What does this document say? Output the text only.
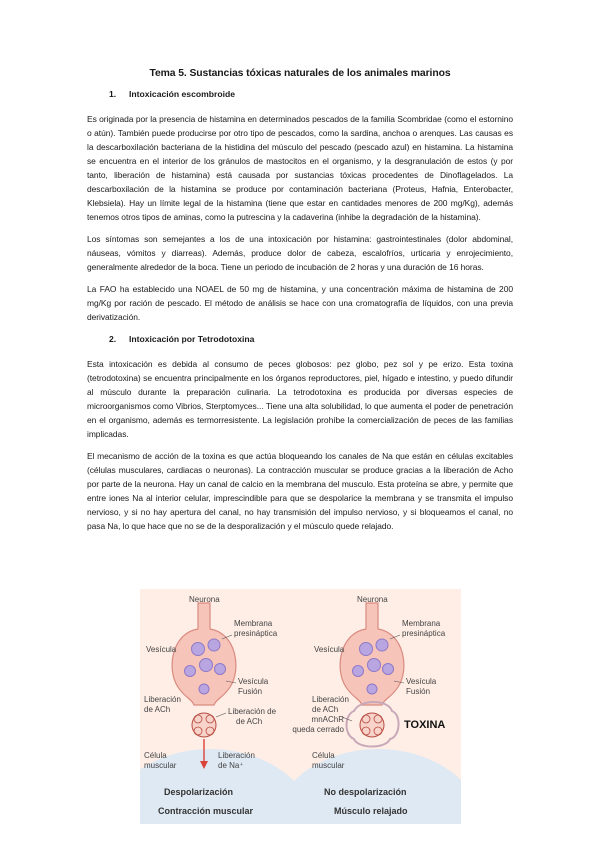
Tema 5. Sustancias tóxicas naturales de los animales marinos
1. Intoxicación escombroide

Es originada por la presencia de histamina en determinados pescados de la familia Scombridae (como el estornino o atún). También puede producirse por otro tipo de pescados, como la sardina, anchoa o arenques. Las causas es la descarboxilación bacteriana de la histidina del músculo del pescado (pescado azul) en histamina. La histamina se encuentra en el interior de los gránulos de mastocitos en el organismo, y la desgranulación de estos (y por tanto, liberación de histamina) está causada por sustancias tóxicas procedentes de Dinoflagelados. La descarboxilación de la histamina se produce por contaminación bacteriana (Proteus, Hafnia, Enterobacter, Klebsiela). Hay un límite legal de la histamina (tiene que estar en cantidades menores de 200 mg/Kg), además tenemos otros tipos de aminas, como la putrescina y la cadaverina (inhibe la degradación de la histamina).

Los síntomas son semejantes a los de una intoxicación por histamina: gastrointestinales (dolor abdominal, náuseas, vómitos y diarreas). Además, produce dolor de cabeza, escalofríos, urticaria y enrojecimiento, generalmente alrededor de la boca. Tiene un periodo de incubación de 2 horas y una duración de 16 horas.

La FAO ha establecido una NOAEL de 50 mg de histamina, y una concentración máxima de histamina de 200 mg/Kg por ración de pescado. El método de análisis se hace con una cromatografía de líquidos, con una previa derivatización.

2. Intoxicación por Tetrodotoxina

Esta intoxicación es debida al consumo de peces globosos: pez globo, pez sol y pe erizo. Esta toxina (tetrodotoxina) se encuentra principalmente en los órganos reproductores, piel, hígado e intestino, y puedo difundir al músculo durante la preparación culinaria. La tetrodotoxina es producida por diversas especies de microorganismos como Vibrios, Sterptomyces... Tiene una alta solubilidad, lo que aumenta el poder de penetración en el organismo, además es termorresistente. La legislación prohíbe la comercialización de peces de las familias implicadas.

El mecanismo de acción de la toxina es que actúa bloqueando los canales de Na que están en células excitables (células musculares, cardiacas o neuronas). La contracción muscular se produce gracias a la liberación de Acho por parte de la neurona. Hay un canal de calcio en la membrana del musculo. Esta proteína se abre, y permite que entre iones Na al interior celular, imprescindible para que se despolarice la membrana y se transmita el impulso nervioso, y si no hay apertura del canal, no hay transmisión del impulso nervioso, y si bloqueamos el canal, no pasa Na, lo que hace que no se de la desporalización y el músculo quede relajado.

Neurona
Membrana
presináptica
Vesícula
Vesícula
Fusión
Liberación
de ACh	Liberación de
de ACh
Célula
muscular
Liberación
de Na⁺
Despolarización
Contracción muscular
Neurona
Membrana
presináptica
Vesícula
Vesícula
Fusión
Liberación
de ACh
mnAChR
queda cerrado	TOXINA
Célula
muscular
No despolarización
Músculo relajado
